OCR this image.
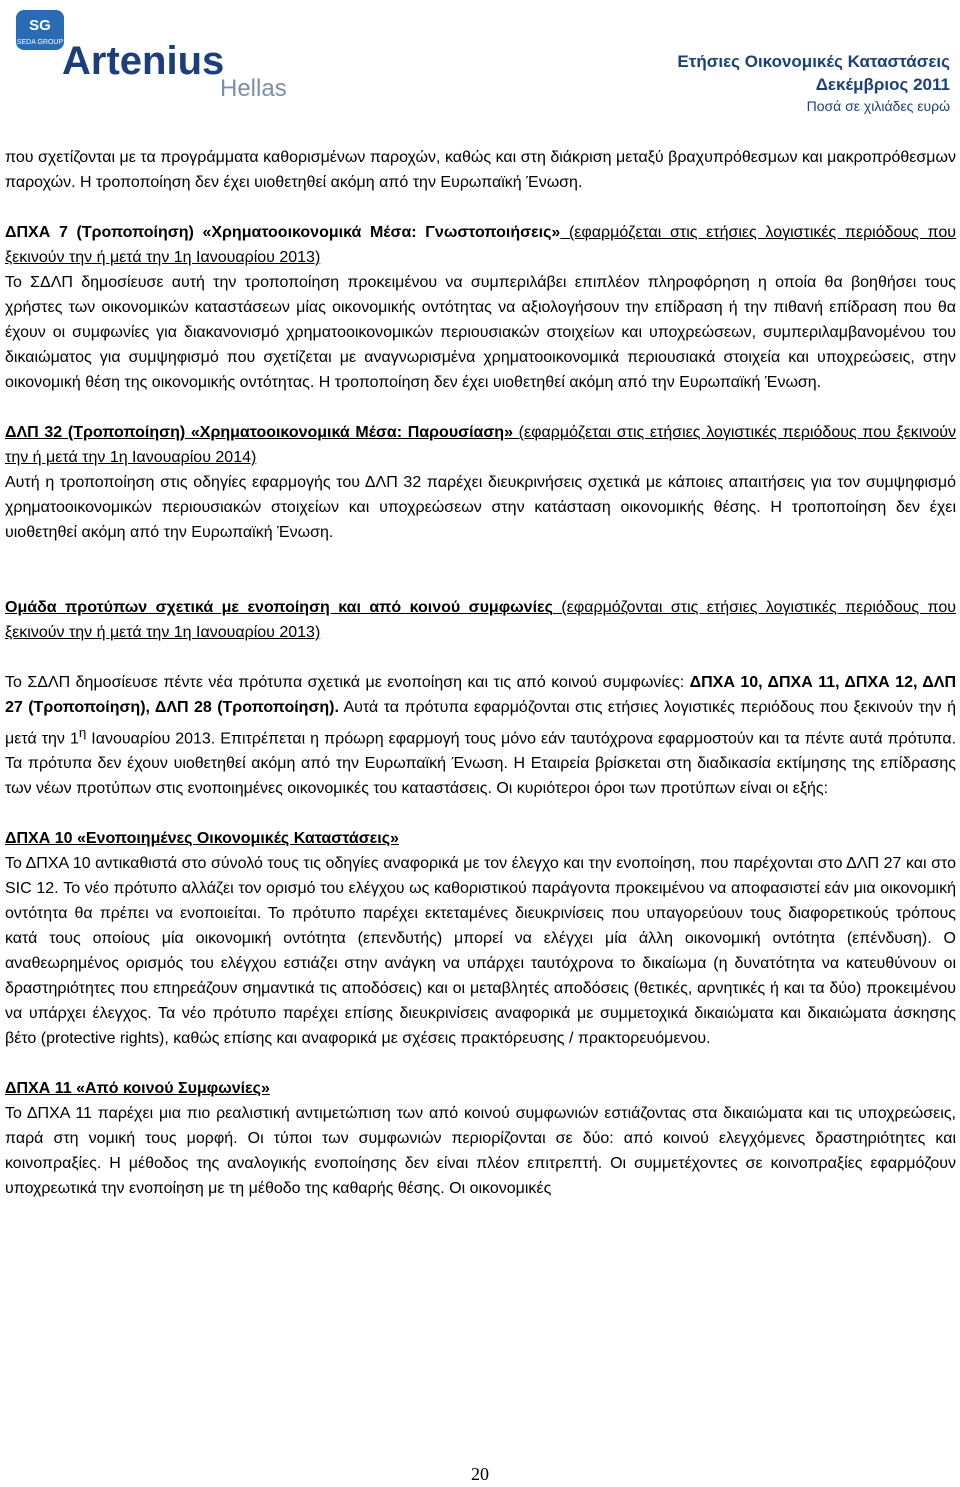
SG
SEDA GROUP
Artenius
Hellas
Ετήσιες Οικονομικές Καταστάσεις
Δεκέμβριος 2011
Ποσά σε χιλιάδες ευρώ

που σχετίζονται με τα προγράμματα καθορισμένων παροχών, καθώς και στη διάκριση μεταξύ βραχυπρόθεσμων και μακροπρόθεσμων παροχών. Η τροποποίηση δεν έχει υιοθετηθεί ακόμη από την Ευρωπαϊκή Ένωση.

ΔΠΧΑ 7 (Τροποποίηση) «Χρηματοοικονομικά Μέσα: Γνωστοποιήσεις» (εφαρμόζεται στις ετήσιες λογιστικές περιόδους που ξεκινούν την ή μετά την 1η Ιανουαρίου 2013)

Το ΣΔΛΠ δημοσίευσε αυτή την τροποποίηση προκειμένου να συμπεριλάβει επιπλέον πληροφόρηση η οποία θα βοηθήσει τους χρήστες των οικονομικών καταστάσεων μίας οικονομικής οντότητας να αξιολογήσουν την επίδραση ή την πιθανή επίδραση που θα έχουν οι συμφωνίες για διακανονισμό χρηματοοικονομικών περιουσιακών στοιχείων και υποχρεώσεων, συμπεριλαμβανομένου του δικαιώματος για συμψηφισμό που σχετίζεται με αναγνωρισμένα χρηματοοικονομικά περιουσιακά στοιχεία και υποχρεώσεις, στην οικονομική θέση της οικονομικής οντότητας. Η τροποποίηση δεν έχει υιοθετηθεί ακόμη από την Ευρωπαϊκή Ένωση.

ΔΛΠ 32 (Τροποποίηση) «Χρηματοοικονομικά Μέσα: Παρουσίαση» (εφαρμόζεται στις ετήσιες λογιστικές περιόδους που ξεκινούν την ή μετά την 1η Ιανουαρίου 2014)

Αυτή η τροποποίηση στις οδηγίες εφαρμογής του ΔΛΠ 32 παρέχει διευκρινήσεις σχετικά με κάποιες απαιτήσεις για τον συμψηφισμό χρηματοοικονομικών περιουσιακών στοιχείων και υποχρεώσεων στην κατάσταση οικονομικής θέσης. Η τροποποίηση δεν έχει υιοθετηθεί ακόμη από την Ευρωπαϊκή Ένωση.

Ομάδα προτύπων σχετικά με ενοποίηση και από κοινού συμφωνίες (εφαρμόζονται στις ετήσιες λογιστικές περιόδους που ξεκινούν την ή μετά την 1η Ιανουαρίου 2013)

Το ΣΔΛΠ δημοσίευσε πέντε νέα πρότυπα σχετικά με ενοποίηση και τις από κοινού συμφωνίες: ΔΠΧΑ 10, ΔΠΧΑ 11, ΔΠΧΑ 12, ΔΛΠ 27 (Τροποποίηση), ΔΛΠ 28 (Τροποποίηση). Αυτά τα πρότυπα εφαρμόζονται στις ετήσιες λογιστικές περιόδους που ξεκινούν την ή μετά την $1^\eta$ Ιανουαρίου 2013. Επιτρέπεται η πρόωρη εφαρμογή τους μόνο εάν ταυτόχρονα εφαρμοστούν και τα πέντε αυτά πρότυπα. Τα πρότυπα δεν έχουν υιοθετηθεί ακόμη από την Ευρωπαϊκή Ένωση. Η Εταιρεία βρίσκεται στη διαδικασία εκτίμησης της επίδρασης των νέων προτύπων στις ενοποιημένες οικονομικές του καταστάσεις. Οι κυριότεροι όροι των προτύπων είναι οι εξής:

ΔΠΧΑ 10 «Ενοποιημένες Οικονομικές Καταστάσεις»

Το ΔΠΧΑ 10 αντικαθιστά στο σύνολό τους τις οδηγίες αναφορικά με τον έλεγχο και την ενοποίηση, που παρέχονται στο ΔΛΠ 27 και στο SIC 12. Το νέο πρότυπο αλλάζει τον ορισμό του ελέγχου ως καθοριστικού παράγοντα προκειμένου να αποφασιστεί εάν μια οικονομική οντότητα θα πρέπει να ενοποιείται. Το πρότυπο παρέχει εκτεταμένες διευκρινίσεις που υπαγορεύουν τους διαφορετικούς τρόπους κατά τους οποίους μία οικονομική οντότητα (επενδυτής) μπορεί να ελέγχει μία άλλη οικονομική οντότητα (επένδυση). Ο αναθεωρημένος ορισμός του ελέγχου εστιάζει στην ανάγκη να υπάρχει ταυτόχρονα το δικαίωμα (η δυνατότητα να κατευθύνουν οι δραστηριότητες που επηρεάζουν σημαντικά τις αποδόσεις) και οι μεταβλητές αποδόσεις (θετικές, αρνητικές ή και τα δύο) προκειμένου να υπάρχει έλεγχος. Τα νέο πρότυπο παρέχει επίσης διευκρινίσεις αναφορικά με συμμετοχικά δικαιώματα και δικαιώματα άσκησης βέτο (protective rights), καθώς επίσης και αναφορικά με σχέσεις πρακτόρευσης / πρακτορευόμενου.

ΔΠΧΑ 11 «Από κοινού Συμφωνίες»

Το ΔΠΧΑ 11 παρέχει μια πιο ρεαλιστική αντιμετώπιση των από κοινού συμφωνιών εστιάζοντας στα δικαιώματα και τις υποχρεώσεις, παρά στη νομική τους μορφή. Οι τύποι των συμφωνιών περιορίζονται σε δύο: από κοινού ελεγχόμενες δραστηριότητες και κοινοπραξίες. Η μέθοδος της αναλογικής ενοποίησης δεν είναι πλέον επιτρεπτή. Οι συμμετέχοντες σε κοινοπραξίες εφαρμόζουν υποχρεωτικά την ενοποίηση με τη μέθοδο της καθαρής θέσης. Οι οικονομικές

20
